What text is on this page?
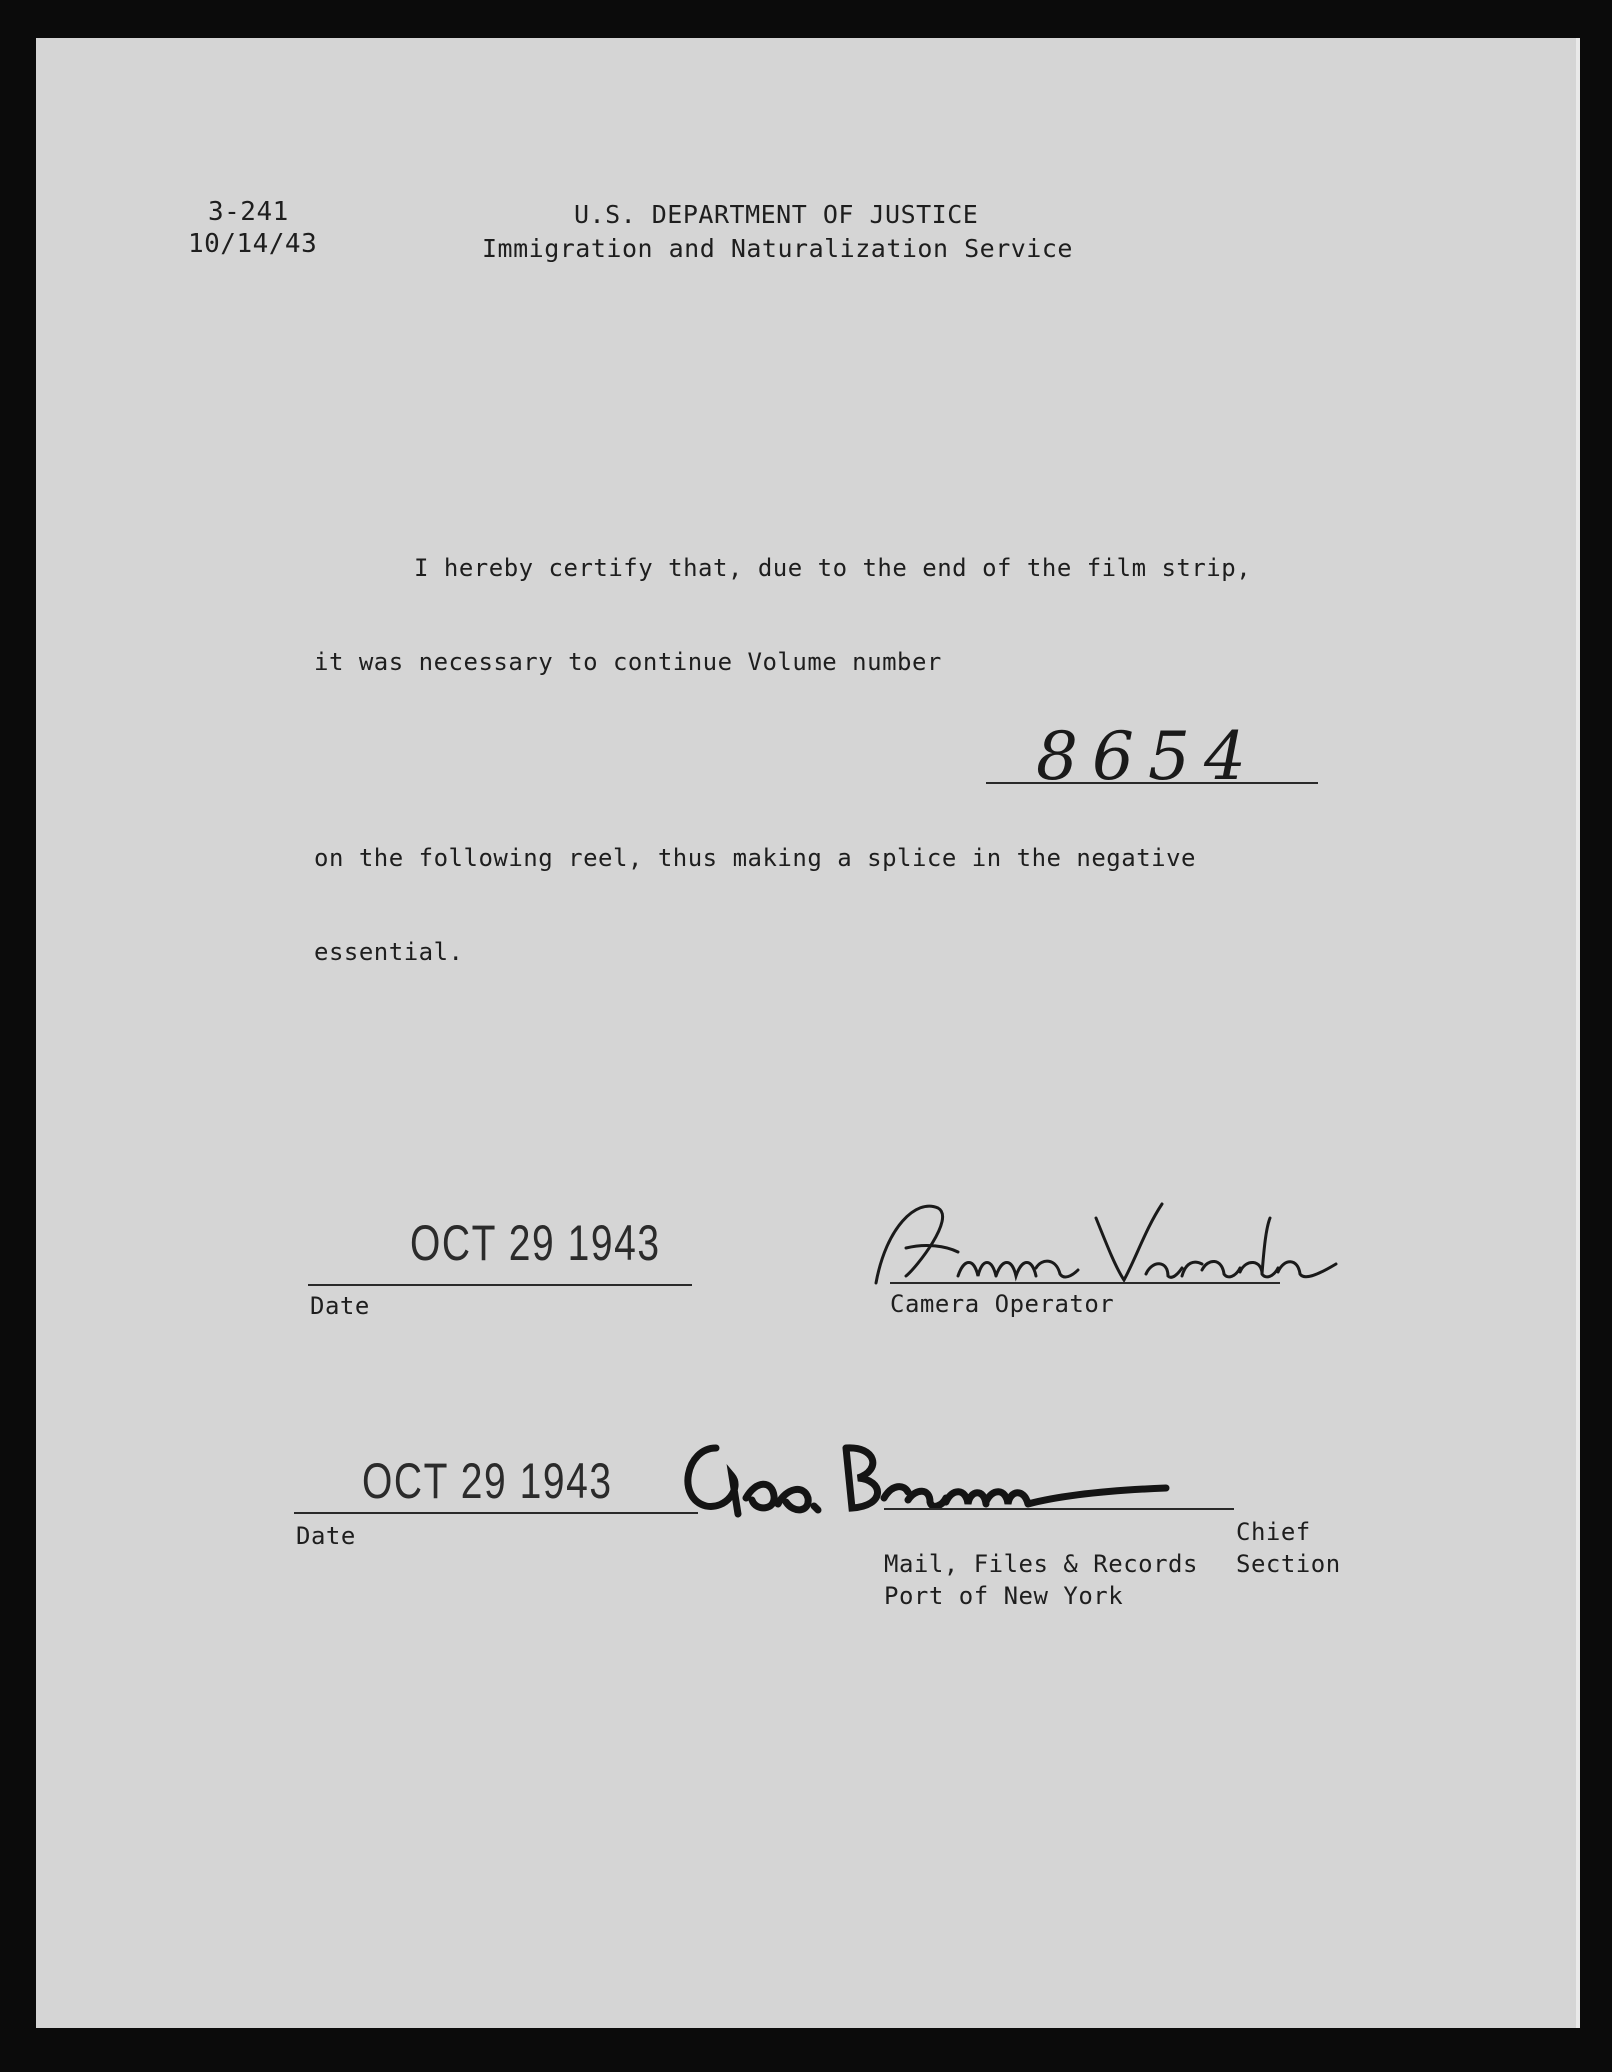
3-241
10/14/43
U.S. DEPARTMENT OF JUSTICE
Immigration and Naturalization Service
I hereby certify that, due to the end of the film strip,
it was necessary to continue Volume number
8654
on the following reel, thus making a splice in the negative
essential.
OCT 29 1943
Date	Camera Operator
OCT 29 1943
Date	Chief
Mail, Files & Records Section
Port of New York
